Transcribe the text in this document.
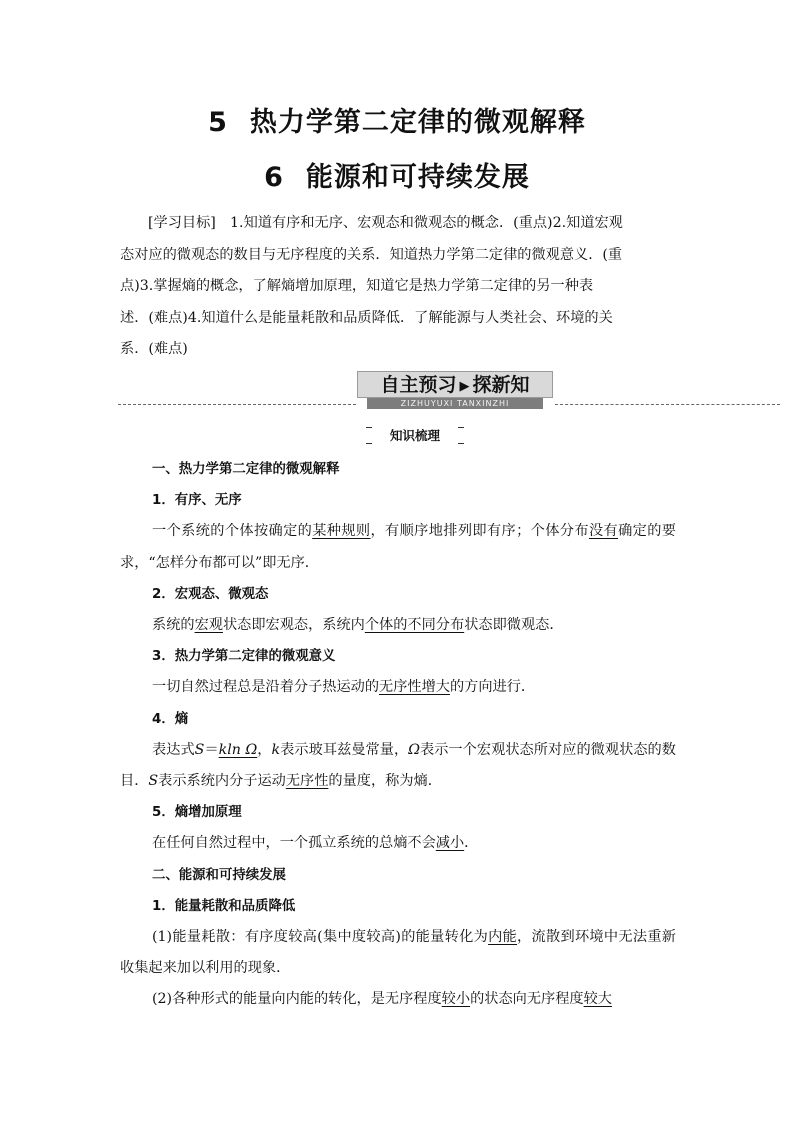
5 热力学第二定律的微观解释
6 能源和可持续发展
[学习目标]　 1.知道有序和无序、宏观态和微观态的概念．(重点)2.知道宏观
态对应的微观态的数目与无序程度的关系．知道热力学第二定律的微观意义．(重
点)3.掌握熵的概念，了解熵增加原理，知道它是热力学第二定律的另一种表
述．(难点)4.知道什么是能量耗散和品质降低．了解能源与人类社会、环境的关
系．(难点)
自主预习 ▶ 探新知
ZIZHUYUXI TANXINZHI
知识梳理

一、热力学第二定律的微观解释

1．有序、无序

一个系统的个体按确定的某种规则，有顺序地排列即有序；个体分布没有确定的要求，“怎样分布都可以”即无序．

2．宏观态、微观态

系统的宏观状态即宏观态，系统内个体的不同分布状态即微观态．

3．热力学第二定律的微观意义

一切自然过程总是沿着分子热运动的无序性增大的方向进行．

4．熵

表达式S＝kln Ω，k表示玻耳兹曼常量，Ω表示一个宏观状态所对应的微观状态的数目．S表示系统内分子运动无序性的量度，称为熵．

5．熵增加原理

在任何自然过程中，一个孤立系统的总熵不会减小．

二、能源和可持续发展

1．能量耗散和品质降低

(1)能量耗散：有序度较高(集中度较高)的能量转化为内能，流散到环境中无法重新收集起来加以利用的现象．

(2)各种形式的能量向内能的转化，是无序程度较小的状态向无序程度较大
